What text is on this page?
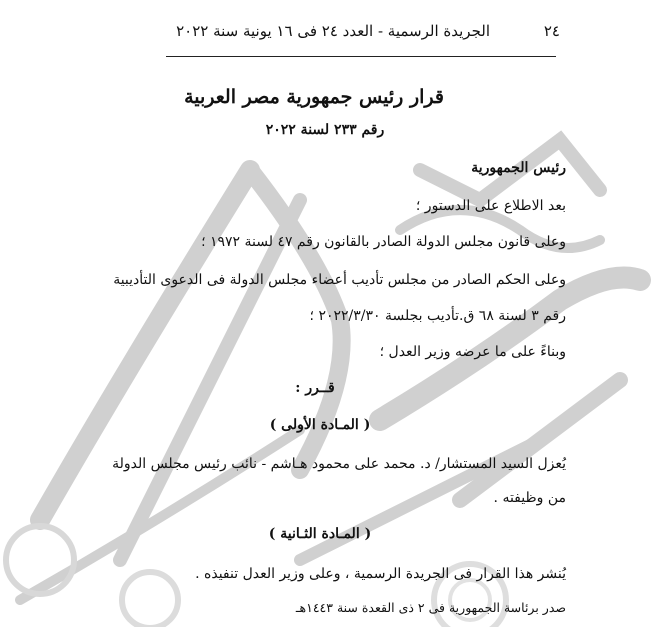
٢٤
الجريدة الرسمية - العدد ٢٤ فى ١٦ يونية سنة ٢٠٢٢
قرار رئيس جمهورية مصر العربية
رقم ٢٣٣ لسنة ٢٠٢٢
رئيس الجمهورية
بعد الاطلاع على الدستور ؛
وعلى قانون مجلس الدولة الصادر بالقانون رقم ٤٧ لسنة ١٩٧٢ ؛
وعلى الحكم الصادر من مجلس تأديب أعضاء مجلس الدولة فى الدعوى التأديبية
رقم ٣ لسنة ٦٨ ق.تأديب بجلسة ٢٠٢٢/٣/٣٠ ؛
وبناءً على ما عرضه وزير العدل ؛
قــرر :
( المـادة الأولى )
يُعزل السيد المستشار/ د. محمد على محمود هـاشم - نائب رئيس مجلس الدولة
من وظيفته .
( المـادة الثـانية )
يُنشر هذا القرار فى الجريدة الرسمية ، وعلى وزير العدل تنفيذه .
صدر برئاسة الجمهورية فى ٢ ذى القعدة سنة ١٤٤٣هـ
